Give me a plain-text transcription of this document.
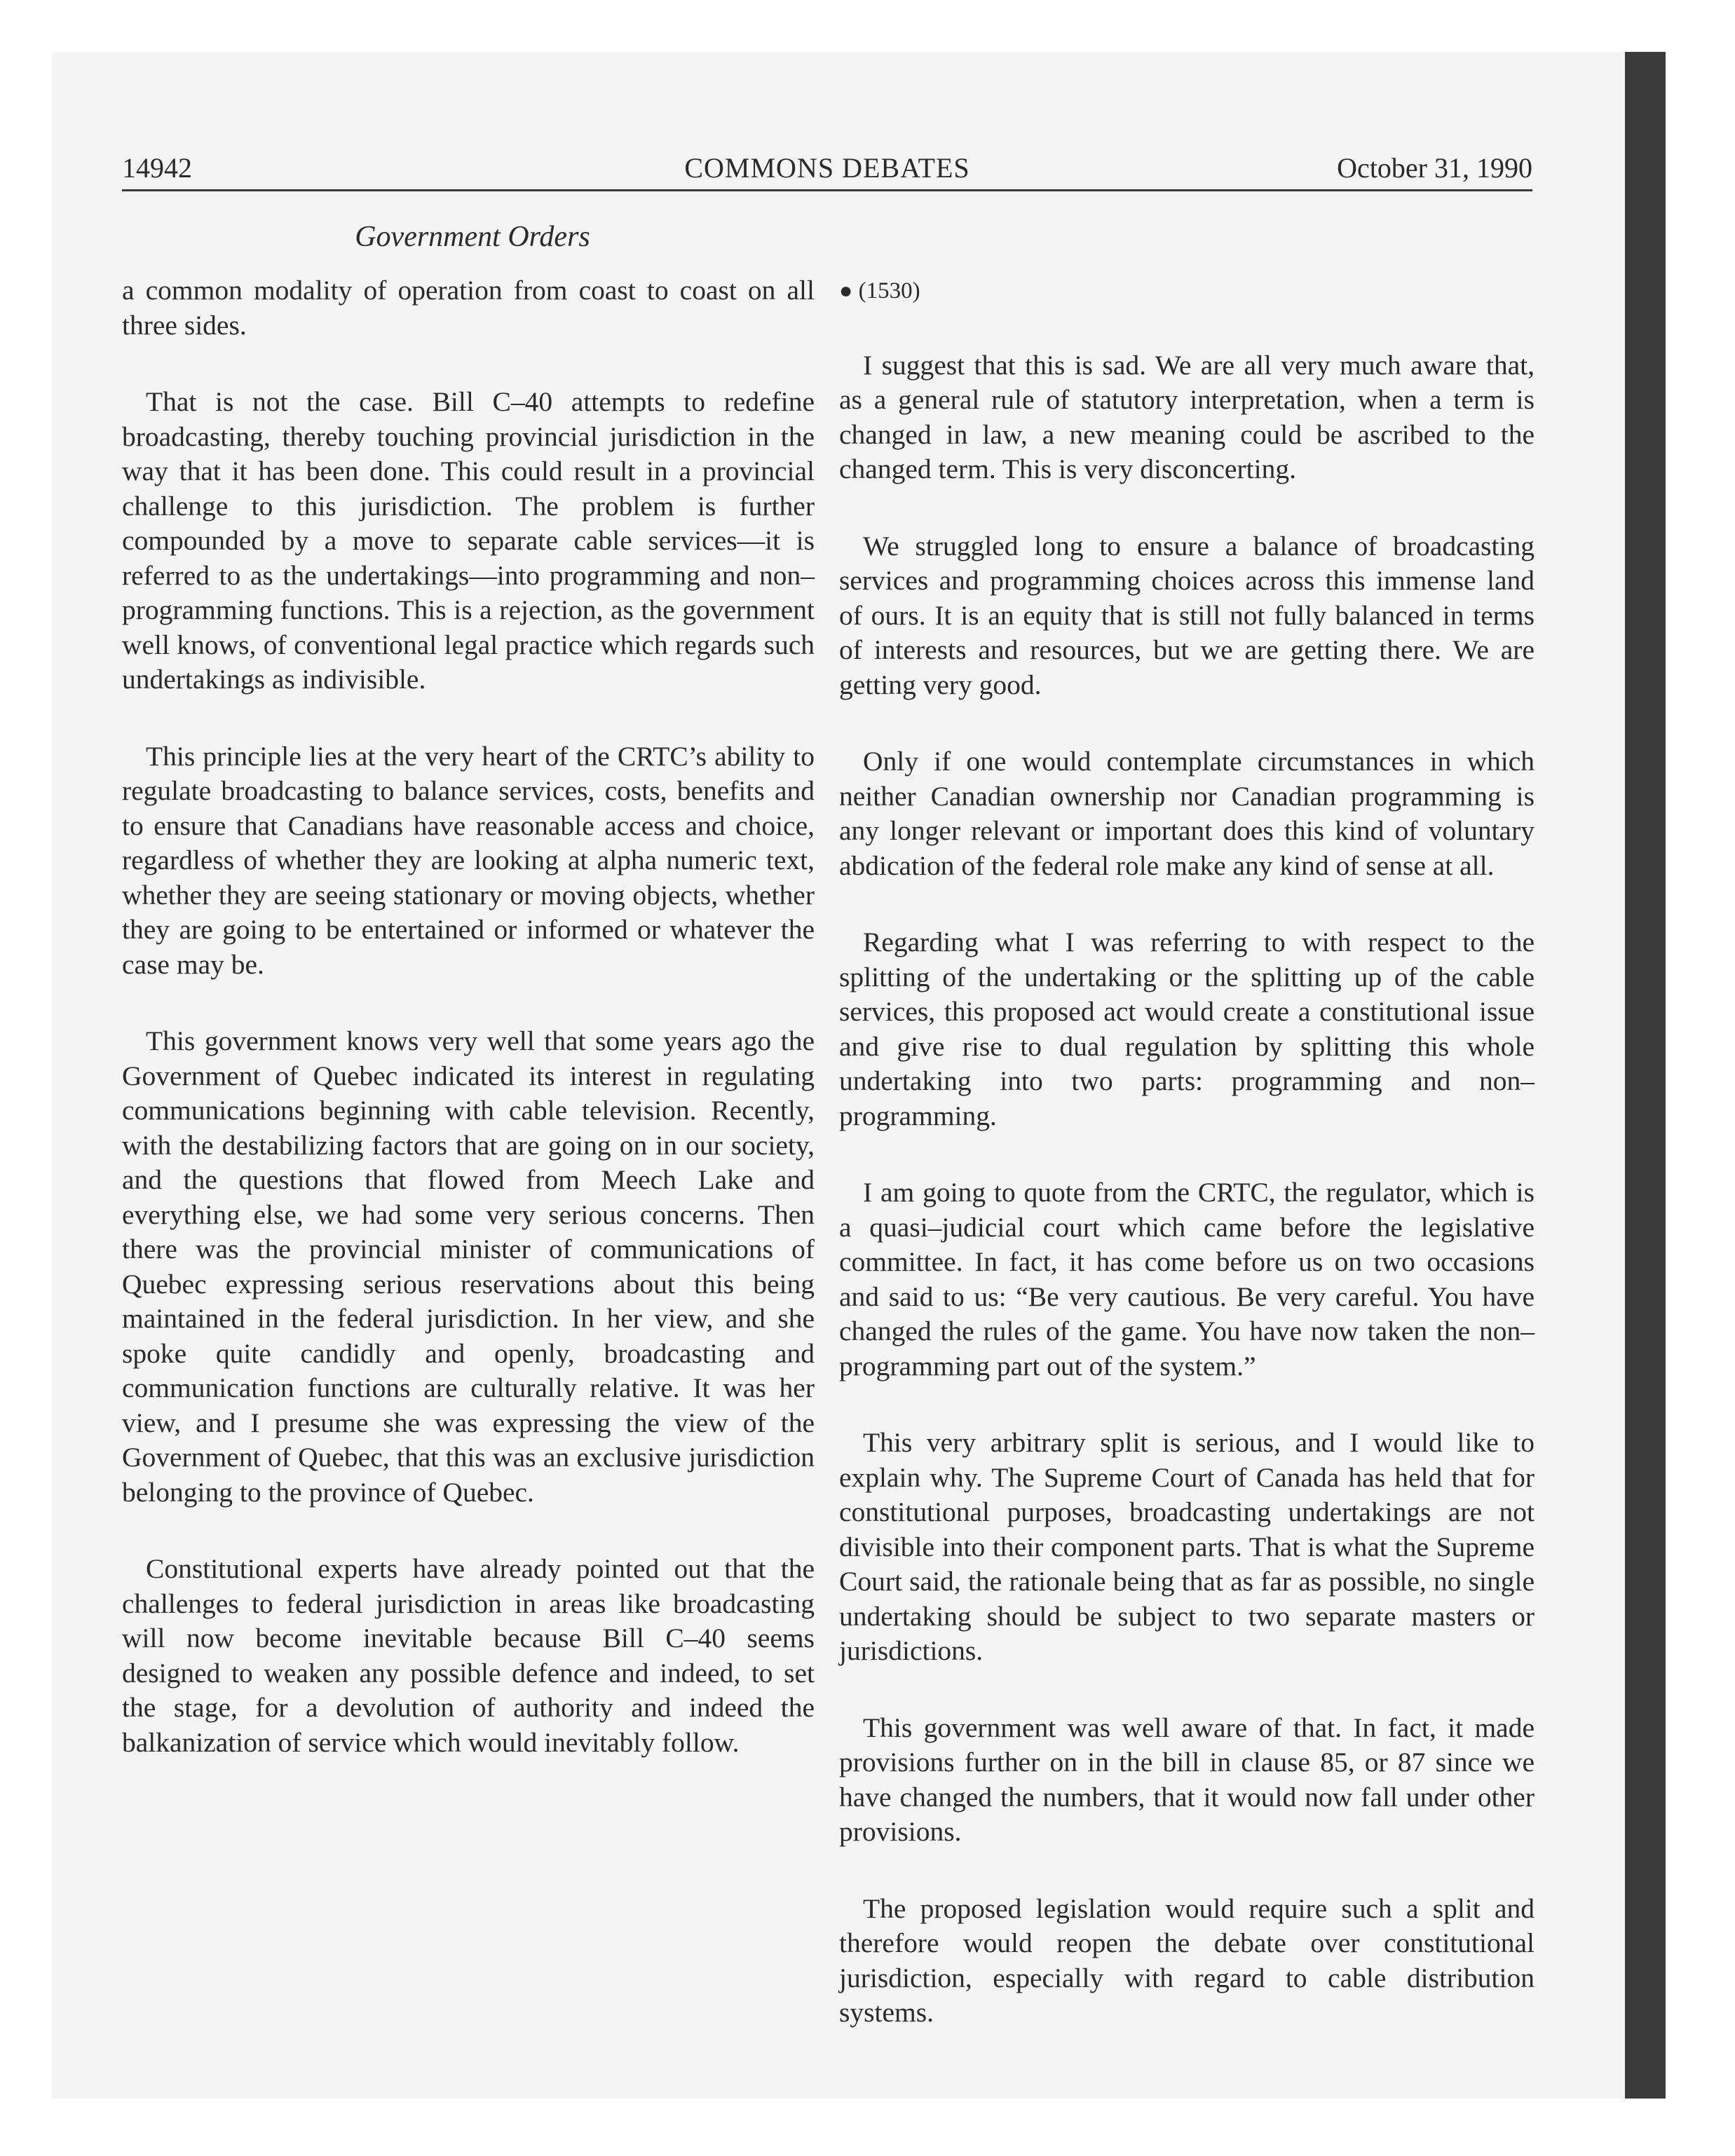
14942	COMMONS DEBATES	October 31, 1990
Government Orders

a common modality of operation from coast to coast on all three sides.

That is not the case. Bill C–40 attempts to redefine broadcasting, thereby touching provincial jurisdiction in the way that it has been done. This could result in a provincial challenge to this jurisdiction. The problem is further compounded by a move to separate cable services—it is referred to as the undertakings—into programming and non–programming functions. This is a rejection, as the government well knows, of conventional legal practice which regards such undertakings as indivisible.

This principle lies at the very heart of the CRTC’s ability to regulate broadcasting to balance services, costs, benefits and to ensure that Canadians have reasonable access and choice, regardless of whether they are looking at alpha numeric text, whether they are seeing stationary or moving objects, whether they are going to be entertained or informed or whatever the case may be.

This government knows very well that some years ago the Government of Quebec indicated its interest in regulating communications beginning with cable television. Recently, with the destabilizing factors that are going on in our society, and the questions that flowed from Meech Lake and everything else, we had some very serious concerns. Then there was the provincial minister of communications of Quebec expressing serious reservations about this being maintained in the federal jurisdiction. In her view, and she spoke quite candidly and openly, broadcasting and communication functions are culturally relative. It was her view, and I presume she was expressing the view of the Government of Quebec, that this was an exclusive jurisdiction belonging to the province of Quebec.

Constitutional experts have already pointed out that the challenges to federal jurisdiction in areas like broadcasting will now become inevitable because Bill C–40 seems designed to weaken any possible defence and indeed, to set the stage, for a devolution of authority and indeed the balkanization of service which would inevitably follow.

● (1530)

I suggest that this is sad. We are all very much aware that, as a general rule of statutory interpretation, when a term is changed in law, a new meaning could be ascribed to the changed term. This is very disconcerting.

We struggled long to ensure a balance of broadcasting services and programming choices across this immense land of ours. It is an equity that is still not fully balanced in terms of interests and resources, but we are getting there. We are getting very good.

Only if one would contemplate circumstances in which neither Canadian ownership nor Canadian programming is any longer relevant or important does this kind of voluntary abdication of the federal role make any kind of sense at all.

Regarding what I was referring to with respect to the splitting of the undertaking or the splitting up of the cable services, this proposed act would create a constitutional issue and give rise to dual regulation by splitting this whole undertaking into two parts: programming and non–programming.

I am going to quote from the CRTC, the regulator, which is a quasi–judicial court which came before the legislative committee. In fact, it has come before us on two occasions and said to us: “Be very cautious. Be very careful. You have changed the rules of the game. You have now taken the non–programming part out of the system.”

This very arbitrary split is serious, and I would like to explain why. The Supreme Court of Canada has held that for constitutional purposes, broadcasting undertakings are not divisible into their component parts. That is what the Supreme Court said, the rationale being that as far as possible, no single undertaking should be subject to two separate masters or jurisdictions.

This government was well aware of that. In fact, it made provisions further on in the bill in clause 85, or 87 since we have changed the numbers, that it would now fall under other provisions.

The proposed legislation would require such a split and therefore would reopen the debate over constitutional jurisdiction, especially with regard to cable distribution systems.
